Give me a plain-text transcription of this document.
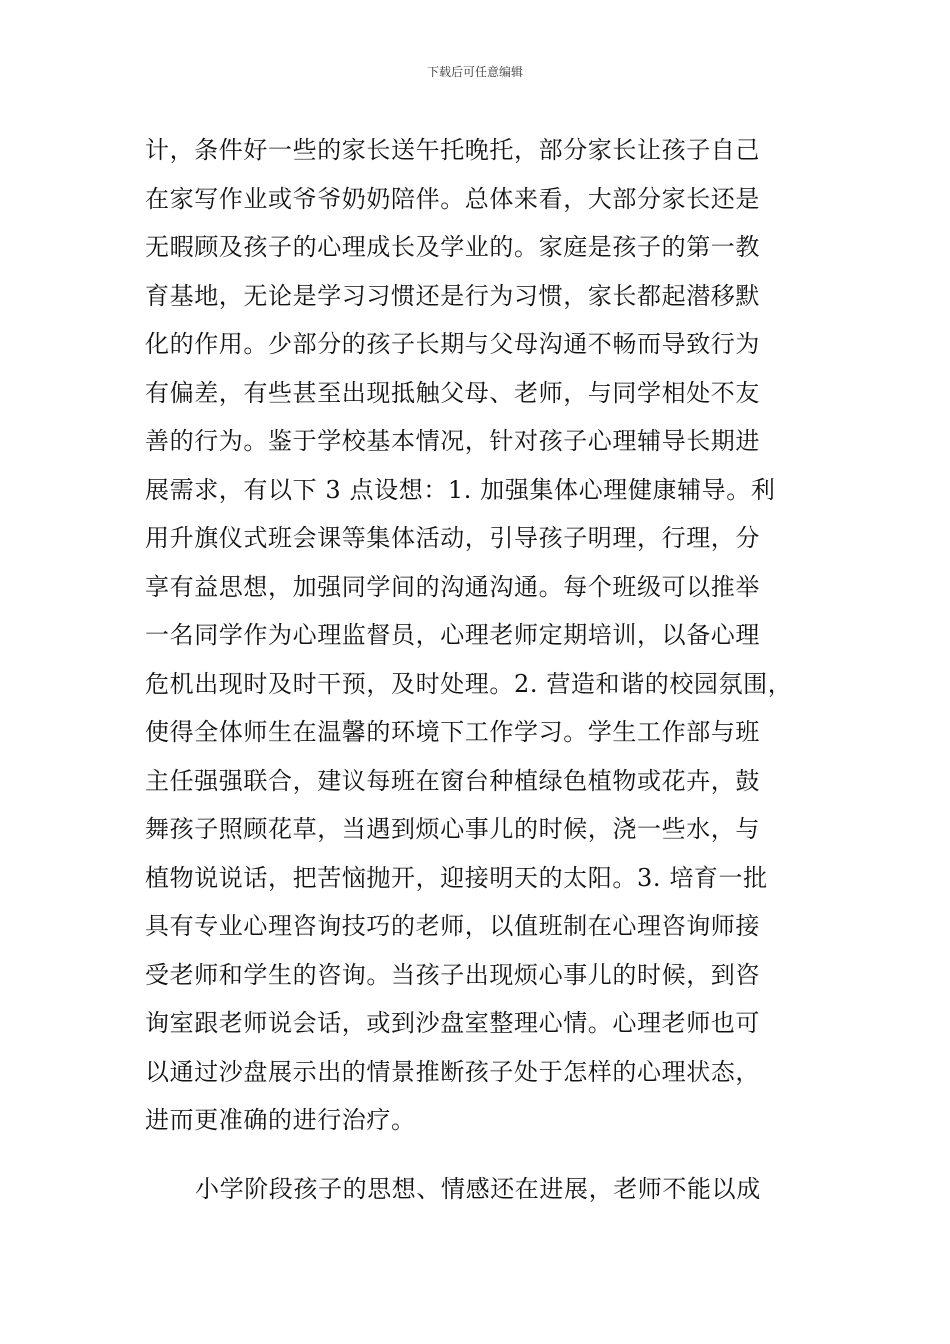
下载后可任意编辑
计，条件好一些的家长送午托晚托，部分家长让孩子自己
在家写作业或爷爷奶奶陪伴。总体来看，大部分家长还是
无暇顾及孩子的心理成长及学业的。家庭是孩子的第一教
育基地，无论是学习习惯还是行为习惯，家长都起潜移默
化的作用。少部分的孩子长期与父母沟通不畅而导致行为
有偏差，有些甚至出现抵触父母、老师，与同学相处不友
善的行为。鉴于学校基本情况，针对孩子心理辅导长期进
展需求，有以下 3 点设想：1. 加强集体心理健康辅导。利
用升旗仪式班会课等集体活动，引导孩子明理，行理，分
享有益思想，加强同学间的沟通沟通。每个班级可以推举
一名同学作为心理监督员，心理老师定期培训，以备心理
危机出现时及时干预，及时处理。2. 营造和谐的校园氛围，
使得全体师生在温馨的环境下工作学习。学生工作部与班
主任强强联合，建议每班在窗台种植绿色植物或花卉，鼓
舞孩子照顾花草，当遇到烦心事儿的时候，浇一些水，与
植物说说话，把苦恼抛开，迎接明天的太阳。3. 培育一批
具有专业心理咨询技巧的老师，以值班制在心理咨询师接
受老师和学生的咨询。当孩子出现烦心事儿的时候，到咨
询室跟老师说会话，或到沙盘室整理心情。心理老师也可
以通过沙盘展示出的情景推断孩子处于怎样的心理状态，
进而更准确的进行治疗。
小学阶段孩子的思想、情感还在进展，老师不能以成
